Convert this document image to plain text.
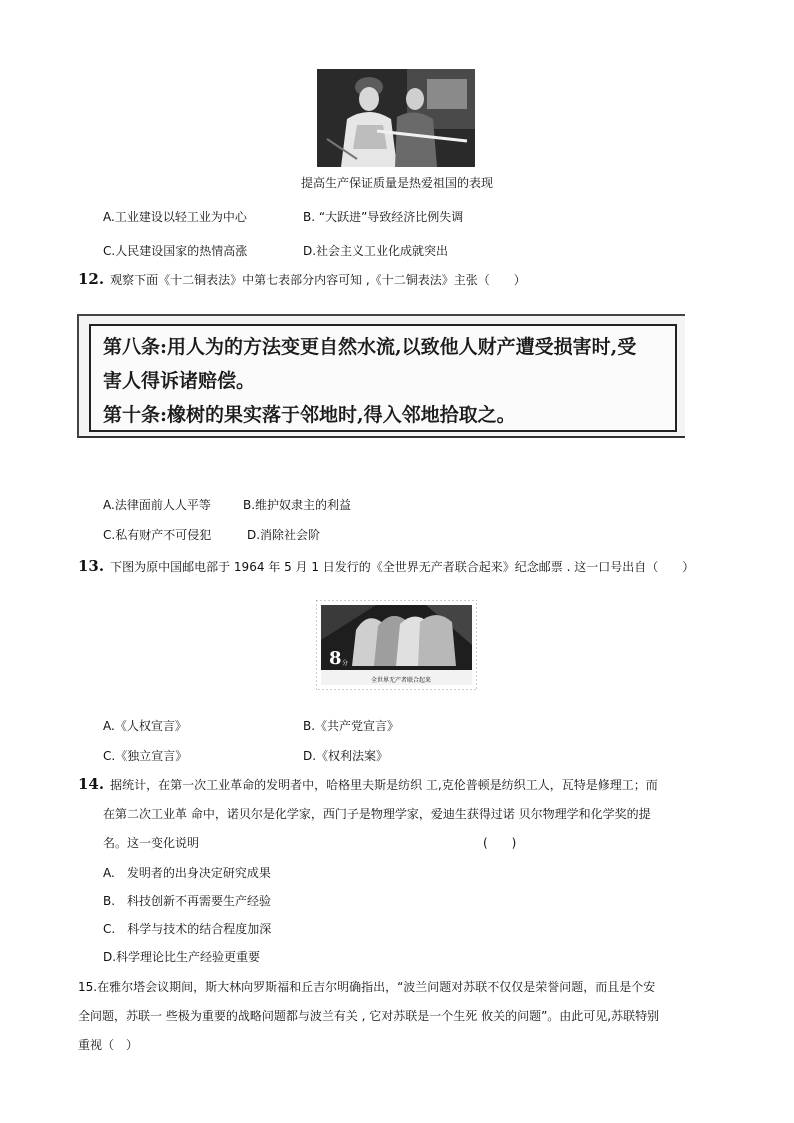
提高生产保证质量是热爱祖国的表现
A.工业建设以轻工业为中心	B. “大跃进”导致经济比例失调
C.人民建设国家的热情高涨	D.社会主义工业化成就突出
12. 观察下面《十二铜表法》中第七表部分内容可知 ,《十二铜表法》主张（　　）
第八条:用人为的方法变更自然水流,以致他人财产遭受损害时,受
害人得诉诸赔偿。
第十条:橡树的果实落于邻地时,得入邻地拾取之。
A.法律面前人人平等	B.维护奴隶主的利益
C.私有财产不可侵犯	D.消除社会阶
13. 下图为原中国邮电部于 1964 年 5 月 1 日发行的《全世界无产者联合起来》纪念邮票 . 这一口号出自（　　）
8 分
全世界无产者联合起来
A.《人权宣言》	B.《共产党宣言》
C.《独立宣言》	D.《权利法案》
14. 据统计，在第一次工业革命的发明者中，哈格里夫斯是纺织 工,克伦普顿是纺织工人，瓦特是修理工；而
在第二次工业革 命中，诺贝尔是化学家，西门子是物理学家，爱迪生获得过诺 贝尔物理学和化学奖的提
名。这一变化说明	(　　)
A.　发明者的出身决定研究成果
B.　科技创新不再需要生产经验
C.　科学与技术的结合程度加深
D.科学理论比生产经验更重要
15.在雅尔塔会议期间，斯大林向罗斯福和丘吉尔明确指出，“波兰问题对苏联不仅仅是荣誉问题，而且是个安
全问题，苏联一 些极为重要的战略问题都与波兰有关 , 它对苏联是一个生死 攸关的问题”。由此可见,苏联特别
重视（　）
